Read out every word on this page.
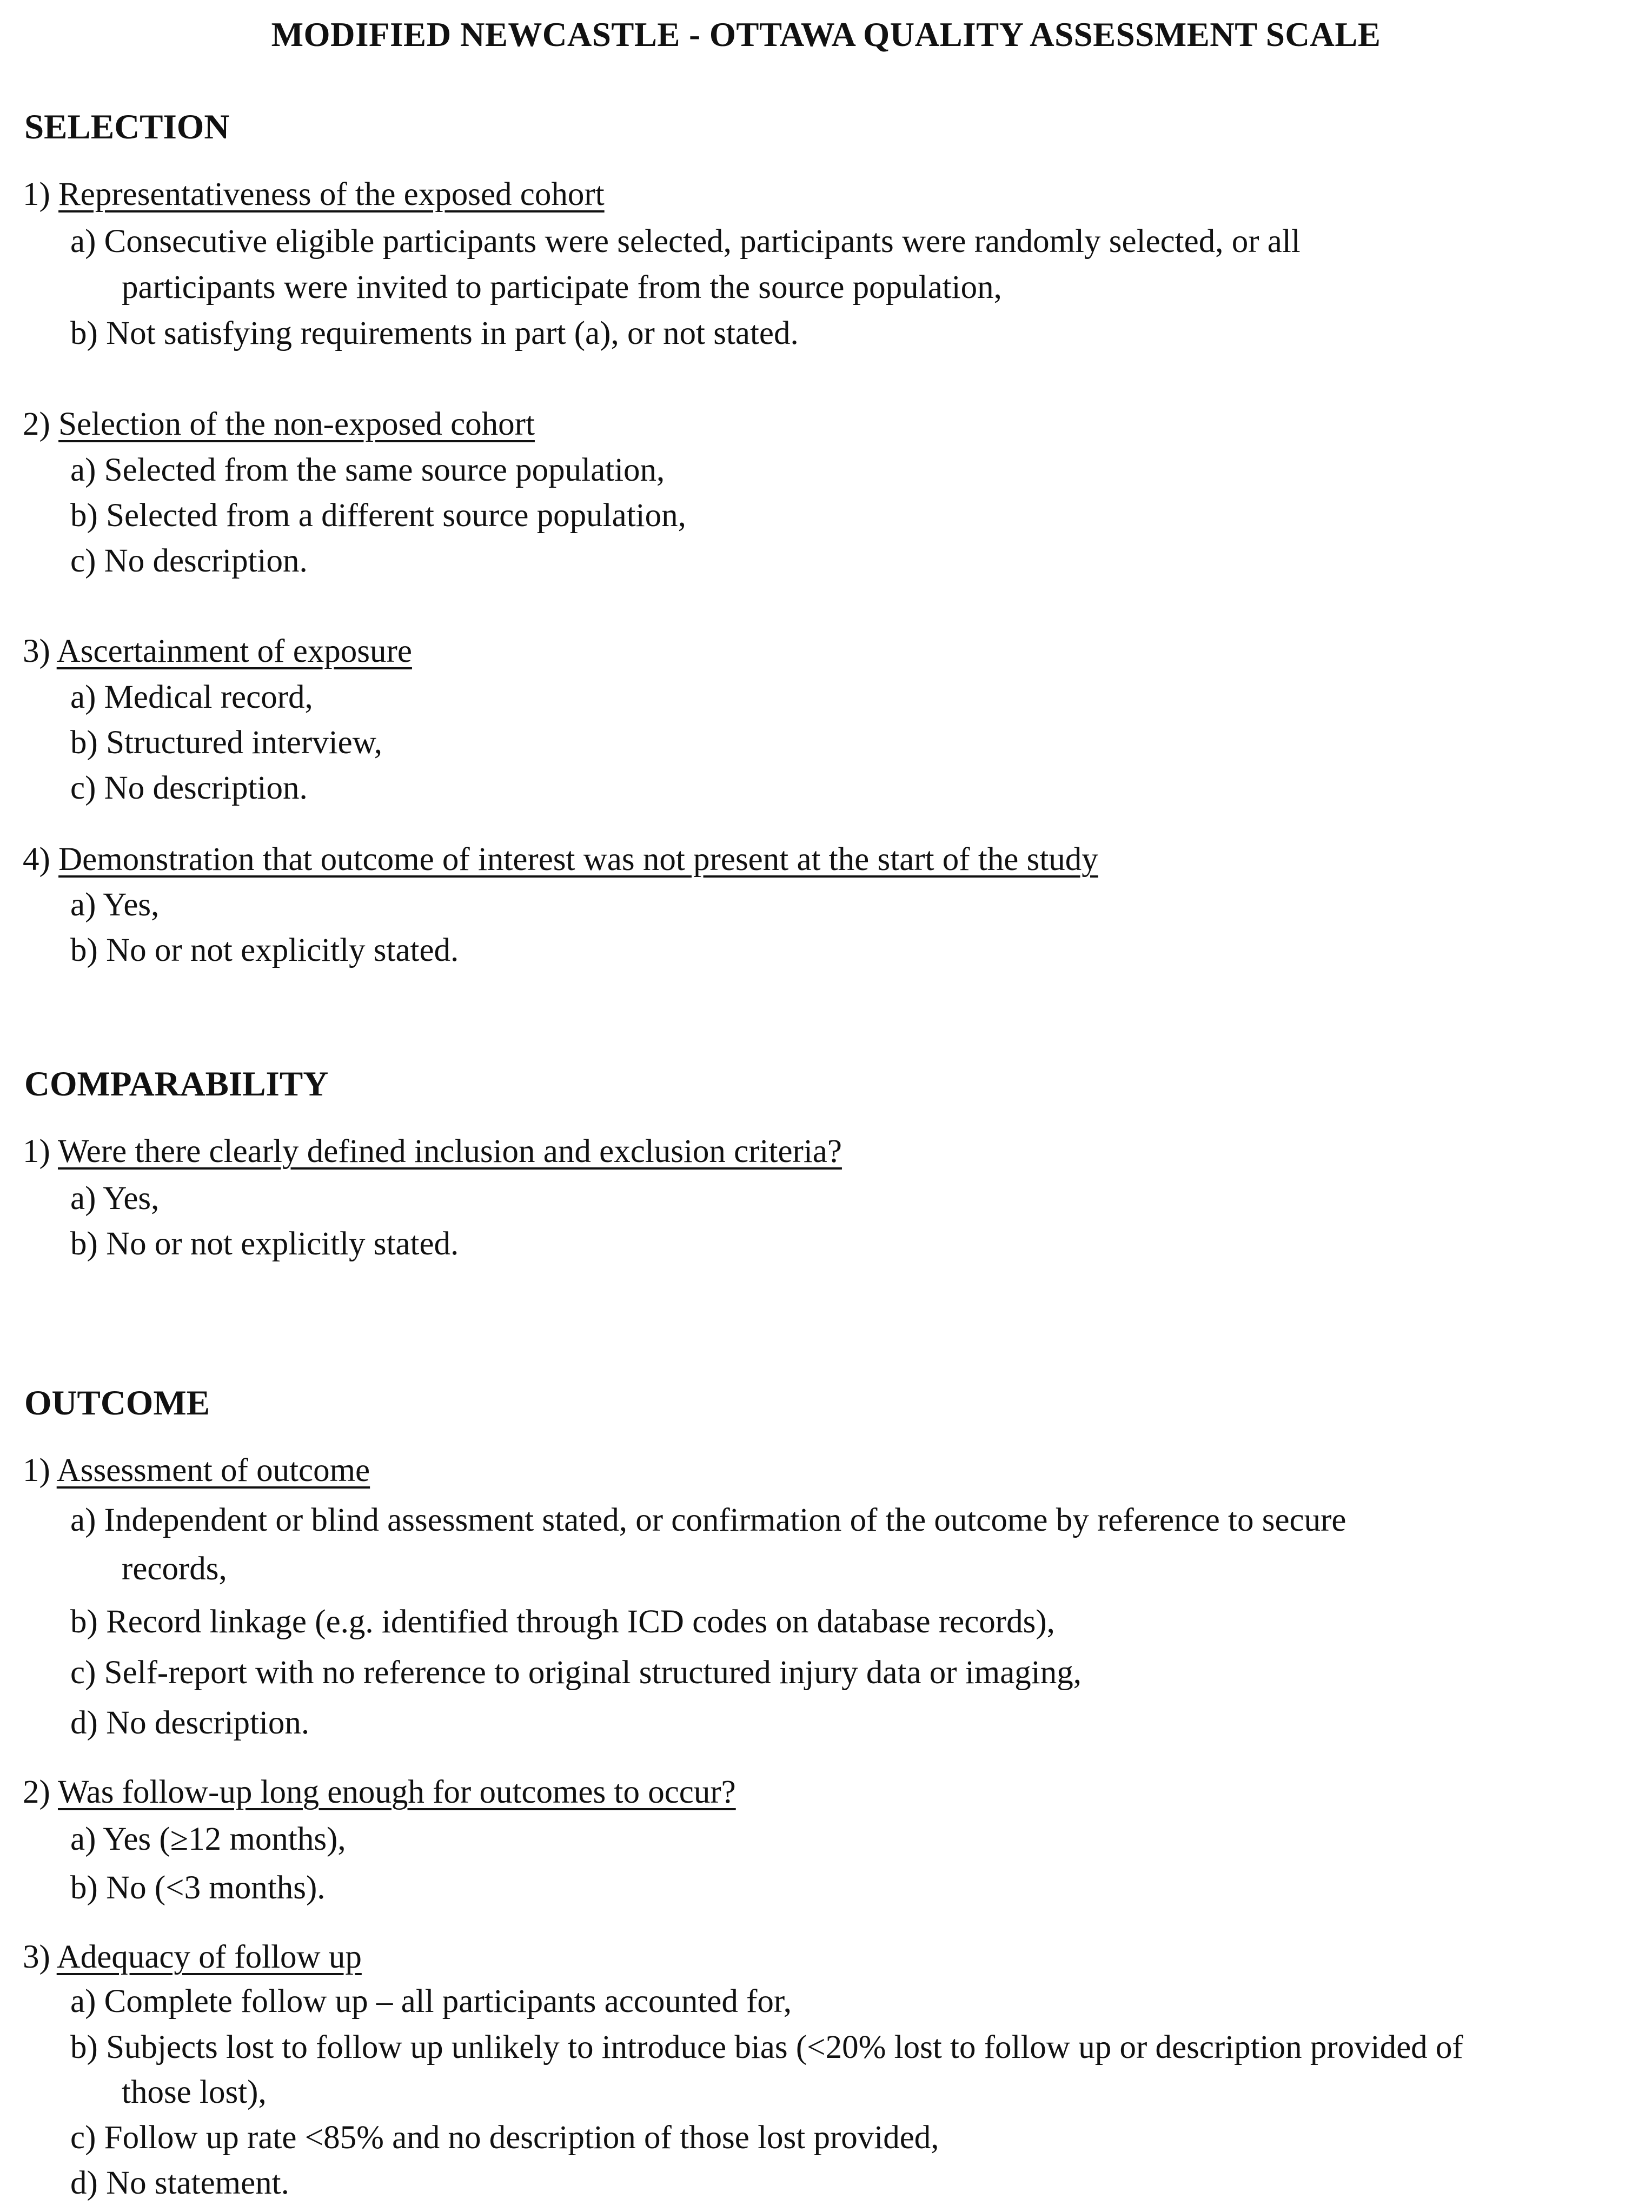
MODIFIED NEWCASTLE - OTTAWA QUALITY ASSESSMENT SCALE
SELECTION
1) Representativeness of the exposed cohort
a) Consecutive eligible participants were selected, participants were randomly selected, or all
participants were invited to participate from the source population,
b) Not satisfying requirements in part (a), or not stated.
2) Selection of the non-exposed cohort
a) Selected from the same source population,
b) Selected from a different source population,
c) No description.
3) Ascertainment of exposure
a) Medical record,
b) Structured interview,
c) No description.
4) Demonstration that outcome of interest was not present at the start of the study
a) Yes,
b) No or not explicitly stated.
COMPARABILITY
1) Were there clearly defined inclusion and exclusion criteria?
a) Yes,
b) No or not explicitly stated.
OUTCOME
1) Assessment of outcome
a) Independent or blind assessment stated, or confirmation of the outcome by reference to secure
records,
b) Record linkage (e.g. identified through ICD codes on database records),
c) Self-report with no reference to original structured injury data or imaging,
d) No description.
2) Was follow-up long enough for outcomes to occur?
a) Yes (≥12 months),
b) No (<3 months).
3) Adequacy of follow up
a) Complete follow up – all participants accounted for,
b) Subjects lost to follow up unlikely to introduce bias (<20% lost to follow up or description provided of
those lost),
c) Follow up rate <85% and no description of those lost provided,
d) No statement.
